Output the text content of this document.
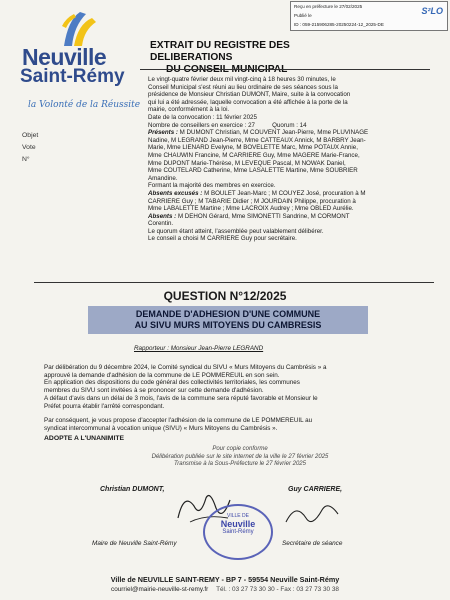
Neuville
Saint-Rémy
la Volonté de la Réussite
Reçu en préfecture le 27/02/2025
Publié le
ID : 059-215906285-20250224-12_2025-DE
S²LO
EXTRAIT DU REGISTRE DES DELIBERATIONS
DU CONSEIL MUNICIPAL
Objet
Vote
N°

Le vingt-quatre février deux mil vingt-cinq à 18 heures 30 minutes, le

Conseil Municipal s'est réuni au lieu ordinaire de ses séances sous la

présidence de Monsieur Christian DUMONT, Maire, suite à la convocation

qui lui a été adressée, laquelle convocation a été affichée à la porte de la

mairie, conformément à la loi.

Date de la convocation : 11 février 2025

Nombre de conseillers en exercice : 27          Quorum : 14

Présents : M DUMONT Christian, M COUVENT Jean-Pierre, Mme PLUVINAGE

Nadine, M LEGRAND Jean-Pierre, Mme CATTEAUX Annick, M BARBRY Jean-

Marie, Mme LIENARD Evelyne, M BOVELETTE Marc, Mme POTAUX Annie,

Mme CHAUWIN Francine, M CARRIERE Guy, Mme MAGERE Marie-France,

Mme DUPONT Marie-Thérèse, M LEVEQUE Pascal, M NOWAK Daniel,

Mme COUTELARD Catherine, Mme LASALETTE Martine, Mme SOUBRIER

Amandine.

Formant la majorité des membres en exercice.

Absents excusés : M BOULET Jean-Marc ; M COUYEZ José, procuration à M

CARRIERE Guy ; M TABARIE Didier ; M JOURDAIN Philippe, procuration à

Mme LABALETTE Martine ; Mme LACROIX Audrey ; Mme OBLED Aurélie.

Absents : M DEHON Gérard, Mme SIMONETTI Sandrine, M CORMONT

Corentin.

Le quorum étant atteint, l'assemblée peut valablement délibérer.

Le conseil a choisi M CARRIERE Guy pour secrétaire.

QUESTION N°12/2025
DEMANDE D'ADHESION D'UNE COMMUNE
AU SIVU MURS MITOYENS DU CAMBRESIS
Rapporteur : Monsieur Jean-Pierre LEGRAND

Par délibération du 9 décembre 2024, le Comité syndical du SIVU « Murs Mitoyens du Cambrésis » a

approuvé la demande d'adhésion de la commune de LE POMMEREUIL en son sein.

En application des dispositions du code général des collectivités territoriales, les communes

membres du SIVU sont invitées à se prononcer sur cette demande d'adhésion.

A défaut d'avis dans un délai de 3 mois, l'avis de la commune sera réputé favorable et Monsieur le

Préfet pourra établir l'arrêté correspondant.

Par conséquent, je vous propose d'accepter l'adhésion de la commune de LE POMMEREUIL au

syndicat intercommunal à vocation unique (SIVU) « Murs Mitoyens du Cambrésis ».

ADOPTE A L'UNANIMITE
Pour copie conforme
Délibération publiée sur le site internet de la ville le 27 février 2025
Transmise à la Sous-Préfecture le 27 février 2025
Christian DUMONT,
Maire de Neuville Saint-Rémy
Guy CARRIERE,
Secrétaire de séance
VILLE DE
Neuville
Saint-Rémy
Ville de NEUVILLE SAINT-REMY - BP 7 - 59554 Neuville Saint-Rémy
courriel@mairie-neuville-st-remy.fr Tél. : 03 27 73 30 30 - Fax : 03 27 73 30 38
